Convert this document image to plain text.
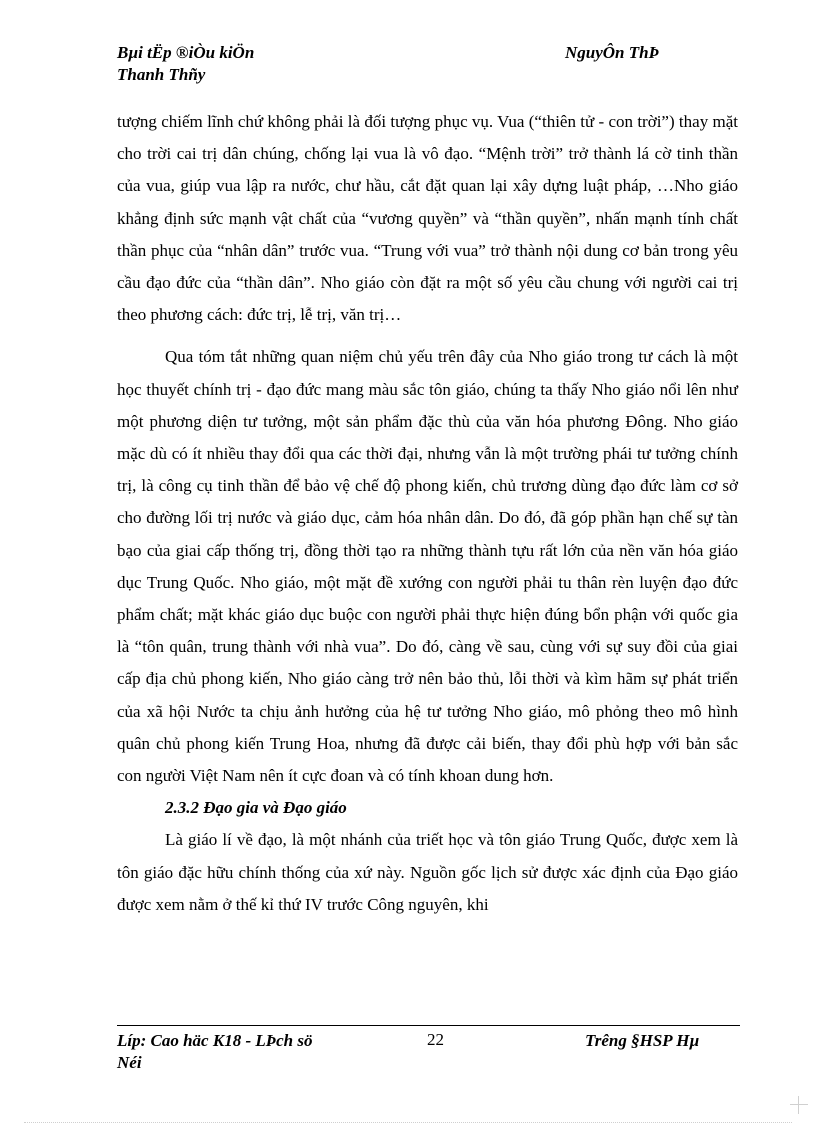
Bµi tËp ®iÒu kiÖn
Thanh Thñy
NguyÔn ThÞ

tượng chiếm lĩnh chứ không phải là đối tượng phục vụ. Vua (“thiên tử - con trời”) thay mặt cho trời cai trị dân chúng, chống lại vua là vô đạo. “Mệnh trời” trở thành lá cờ tinh thần của vua, giúp vua lập ra nước, chư hầu, cắt đặt quan lại xây dựng luật pháp, …Nho giáo khẳng định sức mạnh vật chất của “vương quyền” và “thần quyền”, nhấn mạnh tính chất thần phục của “nhân dân” trước vua. “Trung với vua” trở thành nội dung cơ bản trong yêu cầu đạo đức của “thần dân”. Nho giáo còn đặt ra một số yêu cầu chung với người cai trị theo phương cách: đức trị, lễ trị, văn trị…

Qua tóm tắt những quan niệm chủ yếu trên đây của Nho giáo trong tư cách là một học thuyết chính trị - đạo đức mang màu sắc tôn giáo, chúng ta thấy Nho giáo nổi lên như một phương diện tư tưởng, một sản phẩm đặc thù của văn hóa phương Đông. Nho giáo mặc dù có ít nhiều thay đổi qua các thời đại, nhưng vẫn là một trường phái tư tưởng chính trị, là công cụ tinh thần để bảo vệ chế độ phong kiến, chủ trương dùng đạo đức làm cơ sở cho đường lối trị nước và giáo dục, cảm hóa nhân dân. Do đó, đã góp phần hạn chế sự tàn bạo của giai cấp thống trị, đồng thời tạo ra những thành tựu rất lớn của nền văn hóa giáo dục Trung Quốc. Nho giáo, một mặt đề xướng con người phải tu thân rèn luyện đạo đức phẩm chất; mặt khác giáo dục buộc con người phải thực hiện đúng bổn phận với quốc gia là “tôn quân, trung thành với nhà vua”. Do đó, càng về sau, cùng với sự suy đồi của giai cấp địa chủ phong kiến, Nho giáo càng trở nên bảo thủ, lỗi thời và kìm hãm sự phát triển của xã hội Nước ta chịu ảnh hưởng của hệ tư tưởng Nho giáo, mô phỏng theo mô hình quân chủ phong kiến Trung Hoa, nhưng đã được cải biến, thay đổi phù hợp với bản sắc con người Việt Nam nên ít cực đoan và có tính khoan dung hơn.

2.3.2 Đạo gia và Đạo giáo

Là giáo lí về đạo, là một nhánh của triết học và tôn giáo Trung Quốc, được xem là tôn giáo đặc hữu chính thống của xứ này. Nguồn gốc lịch sử được xác định của Đạo giáo được xem nằm ở thế kỉ thứ IV trước Công nguyên, khi

Líp: Cao häc K18 - LÞch sö
Néi
22	Trêng §HSP Hµ
